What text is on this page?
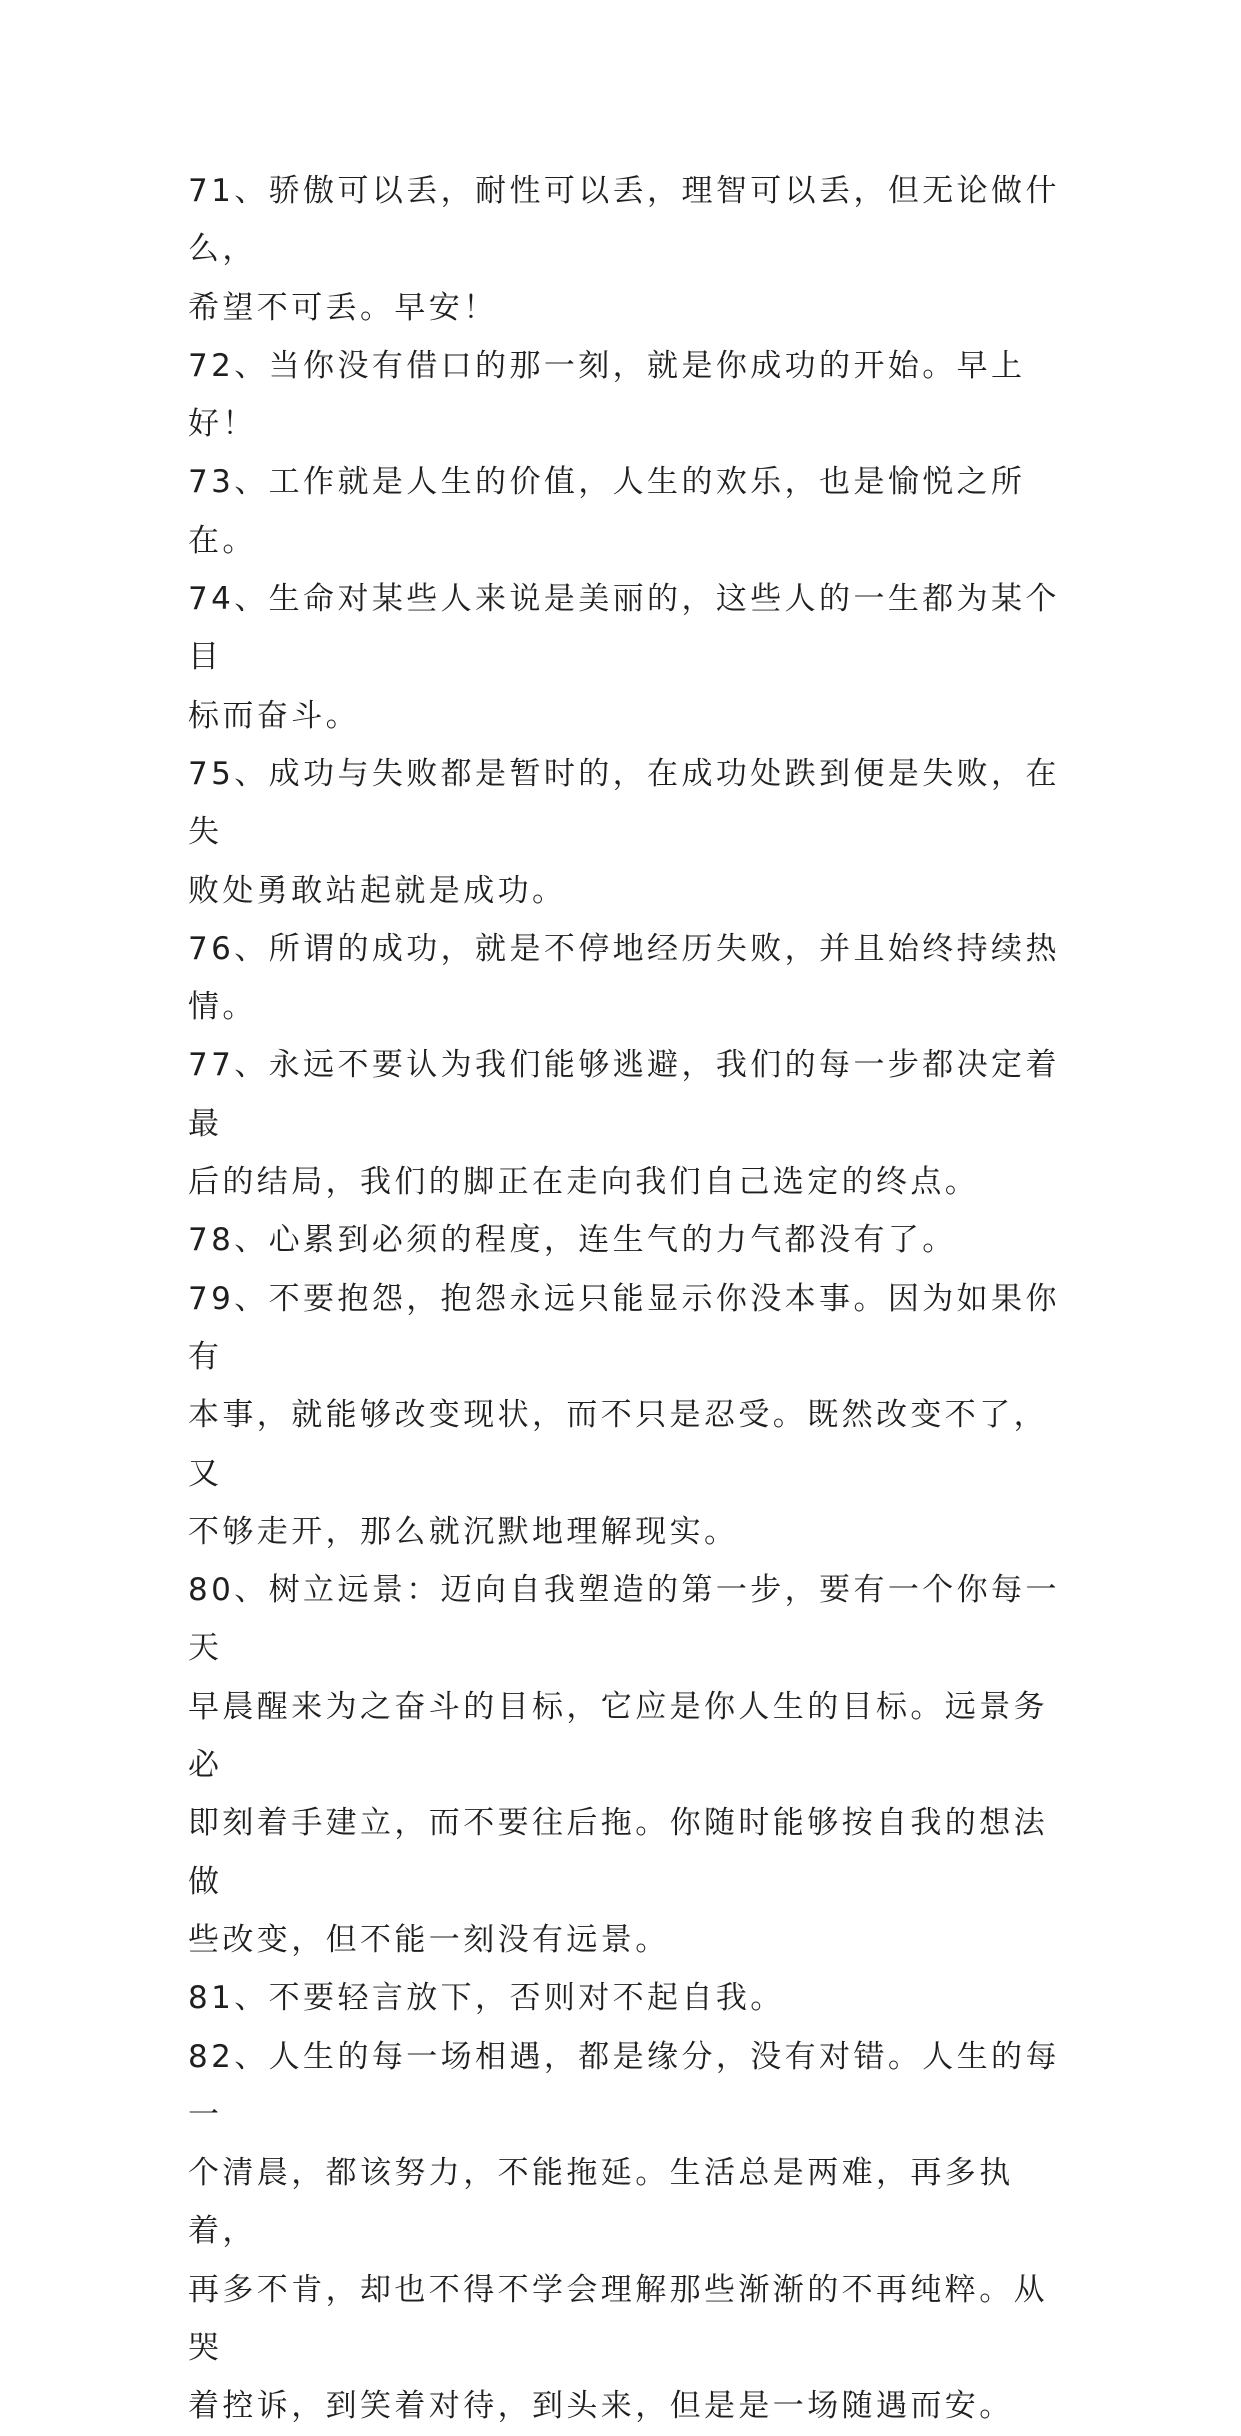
71、骄傲可以丢，耐性可以丢，理智可以丢，但无论做什么，
希望不可丢。早安！

72、当你没有借口的那一刻，就是你成功的开始。早上好！

73、工作就是人生的价值，人生的欢乐，也是愉悦之所在。

74、生命对某些人来说是美丽的，这些人的一生都为某个目
标而奋斗。

75、成功与失败都是暂时的，在成功处跌到便是失败，在失
败处勇敢站起就是成功。

76、所谓的成功，就是不停地经历失败，并且始终持续热情。

77、永远不要认为我们能够逃避，我们的每一步都决定着最
后的结局，我们的脚正在走向我们自己选定的终点。

78、心累到必须的程度，连生气的力气都没有了。

79、不要抱怨，抱怨永远只能显示你没本事。因为如果你有
本事，就能够改变现状，而不只是忍受。既然改变不了，又
不够走开，那么就沉默地理解现实。

80、树立远景：迈向自我塑造的第一步，要有一个你每一天
早晨醒来为之奋斗的目标，它应是你人生的目标。远景务必
即刻着手建立，而不要往后拖。你随时能够按自我的想法做
些改变，但不能一刻没有远景。

81、不要轻言放下，否则对不起自我。

82、人生的每一场相遇，都是缘分，没有对错。人生的每一
个清晨，都该努力，不能拖延。生活总是两难，再多执着，
再多不肯，却也不得不学会理解那些渐渐的不再纯粹。从哭
着控诉，到笑着对待，到头来，但是是一场随遇而安。
